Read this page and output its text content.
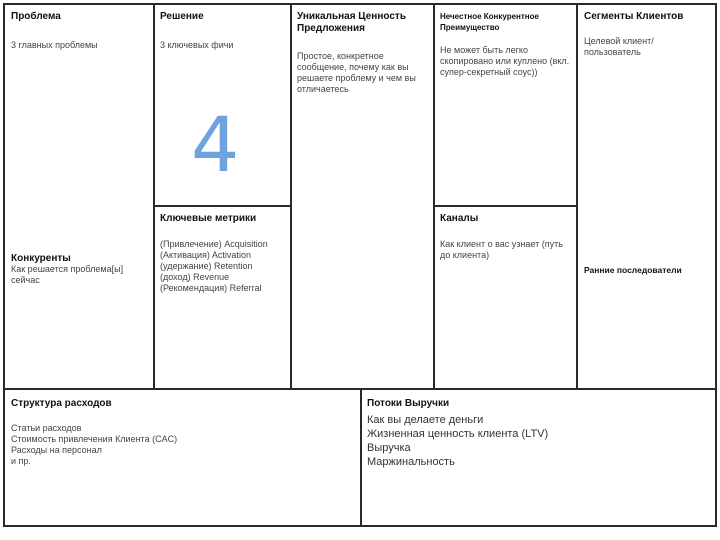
Проблема
3 главных проблемы
Конкуренты
Как решается проблема[ы] сейчас
Решение
3 ключевых фичи
4
Ключевые метрики
(Привлечение) Acquisition
(Активация) Activation
(удержание) Retention
(доход) Revenue
(Рекомендация) Referral
Уникальная Ценность Предложения
Простое, конкретное сообщение, почему как вы решаете проблему и чем вы отличаетесь
Нечестное Конкурентное Преимущество
Не может быть легко скопировано или куплено (вкл. супер-секретный соус))
Каналы
Как клиент о вас узнает (путь до клиента)
Сегменты Клиентов
Целевой клиент/пользователь
Ранние последователи
Структура расходов
Статьи расходов
Стоимость привлечения Клиента (CAC)
Расходы на персонал
и пр.
Потоки Выручки
Как вы делаете деньги
Жизненная ценность клиента (LTV)
Выручка
Маржинальность
